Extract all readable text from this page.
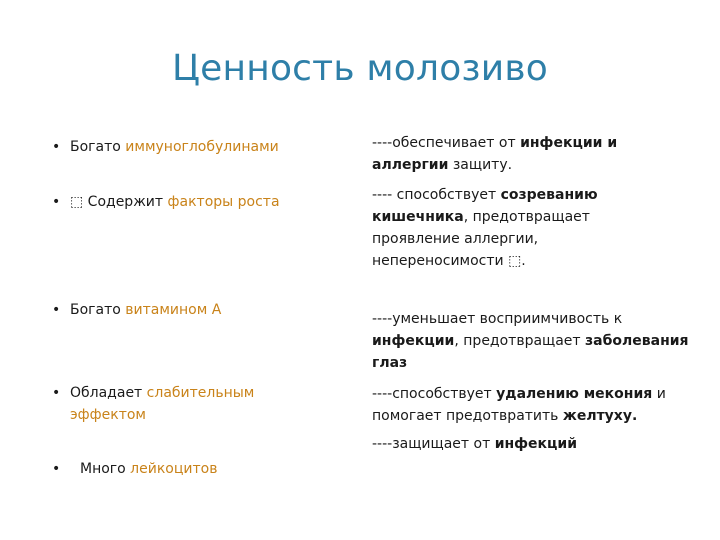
Ценность молозиво
• Богато иммуноглобулинами
• ⬚ Содержит факторы роста
• Богато витамином А
• Обладает слабительным эффектом
•	Много лейкоцитов
----обеспечивает от инфекции и аллергии защиту.
---- способствует созреванию кишечника, предотвращает проявление аллергии, непереносимости ⬚.
----уменьшает восприимчивость к инфекции, предотвращает заболевания глаз
----способствует удалению мекония и помогает предотвратить желтуху.
----защищает от инфекций
